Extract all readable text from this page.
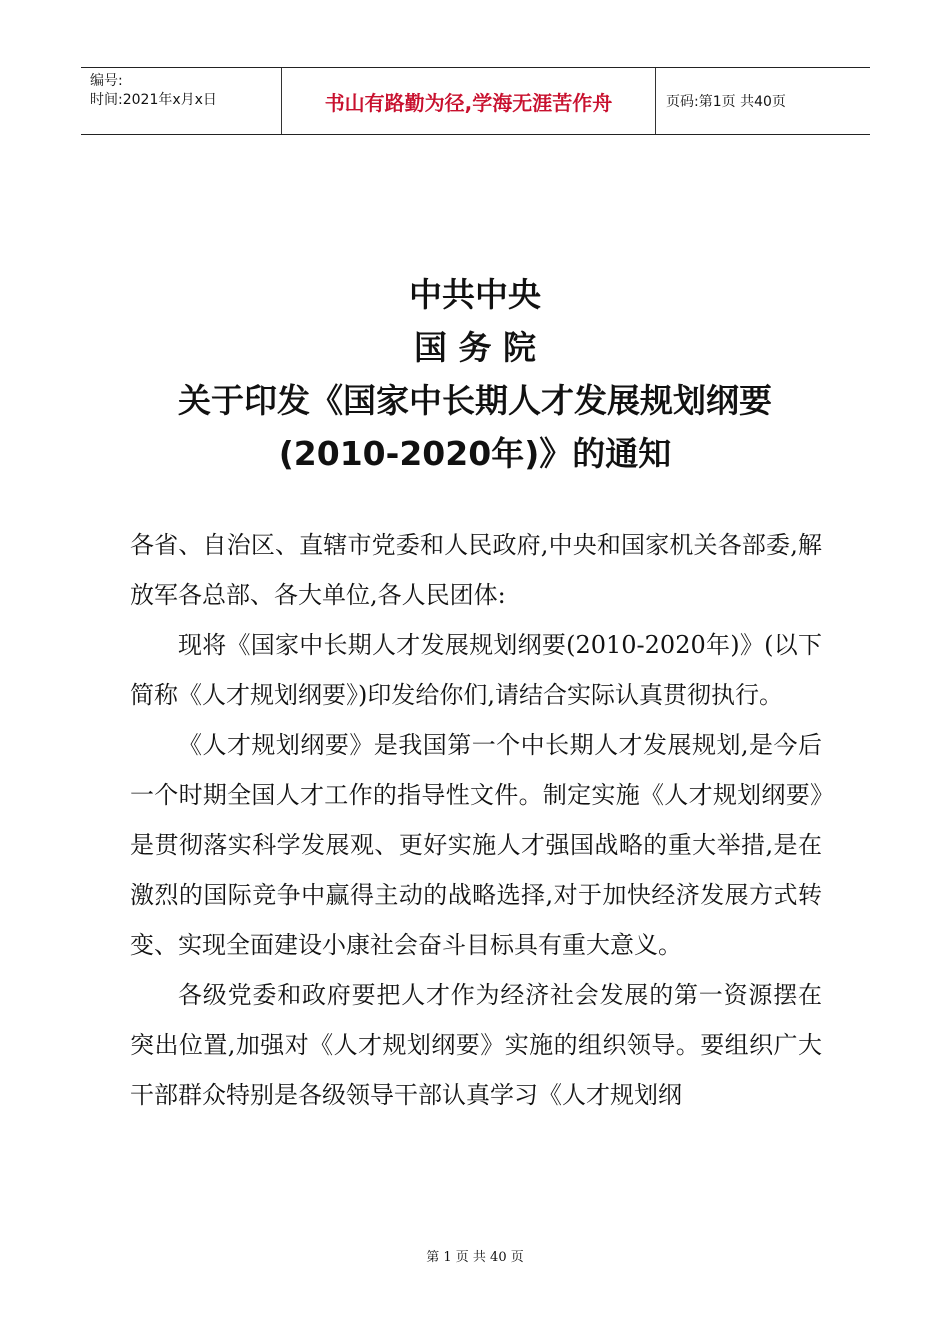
编号:
时间:2021年x月x日	书山有路勤为径,学海无涯苦作舟	页码:第1页 共40页
中共中央
国 务 院
关于印发《国家中长期人才发展规划纲要
(2010-2020年)》的通知

各省、自治区、直辖市党委和人民政府,中央和国家机关各部委,解放军各总部、各大单位,各人民团体:

现将《国家中长期人才发展规划纲要(2010-2020年)》(以下简称《人才规划纲要》)印发给你们,请结合实际认真贯彻执行。

《人才规划纲要》是我国第一个中长期人才发展规划,是今后一个时期全国人才工作的指导性文件。制定实施《人才规划纲要》是贯彻落实科学发展观、更好实施人才强国战略的重大举措,是在激烈的国际竞争中赢得主动的战略选择,对于加快经济发展方式转变、实现全面建设小康社会奋斗目标具有重大意义。

各级党委和政府要把人才作为经济社会发展的第一资源摆在突出位置,加强对《人才规划纲要》实施的组织领导。要组织广大干部群众特别是各级领导干部认真学习《人才规划纲

第 1 页 共 40 页
